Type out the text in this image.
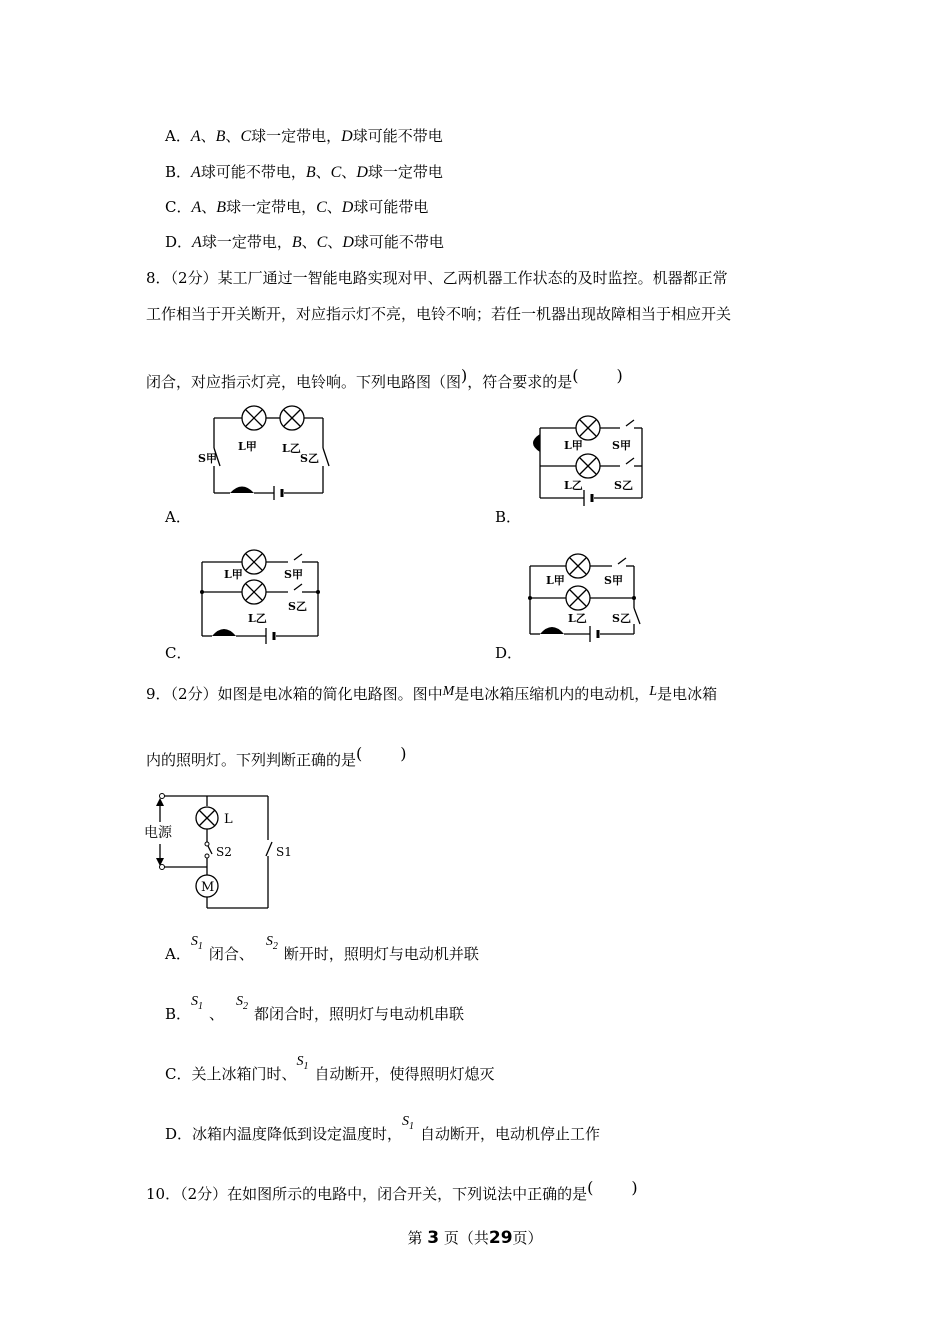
A．A、B、C球一定带电，D球可能不带电
B．A球可能不带电，B、C、D球一定带电
C．A、B球一定带电，C、D球可能带电
D．A球一定带电，B、C、D球可能不带电
8．（2分）某工厂通过一智能电路实现对甲、乙两机器工作状态的及时监控。机器都正常
工作相当于开关断开，对应指示灯不亮，电铃不响；若任一机器出现故障相当于相应开关
闭合，对应指示灯亮，电铃响。下列电路图（图)，符合要求的是( )
L甲 L乙
S甲	S乙
A．
L甲	S甲
L乙	S乙
B．
L甲	S甲
L乙
S乙
C．
L甲	S甲
L乙 S乙
D．
9．（2分）如图是电冰箱的简化电路图。图中M是电冰箱压缩机内的电动机，L是电冰箱
内的照明灯。下列判断正确的是( )
电源
L
M
S2	S1
A．$S_1$ 闭合、$S_2$ 断开时，照明灯与电动机并联
B．$S_1$ 、$S_2$ 都闭合时，照明灯与电动机串联
C．关上冰箱门时、$S_1$ 自动断开，使得照明灯熄灭
D．冰箱内温度降低到设定温度时，$S_1$ 自动断开，电动机停止工作
10．（2分）在如图所示的电路中，闭合开关，下列说法中正确的是( )
第 3 页（共29页）
